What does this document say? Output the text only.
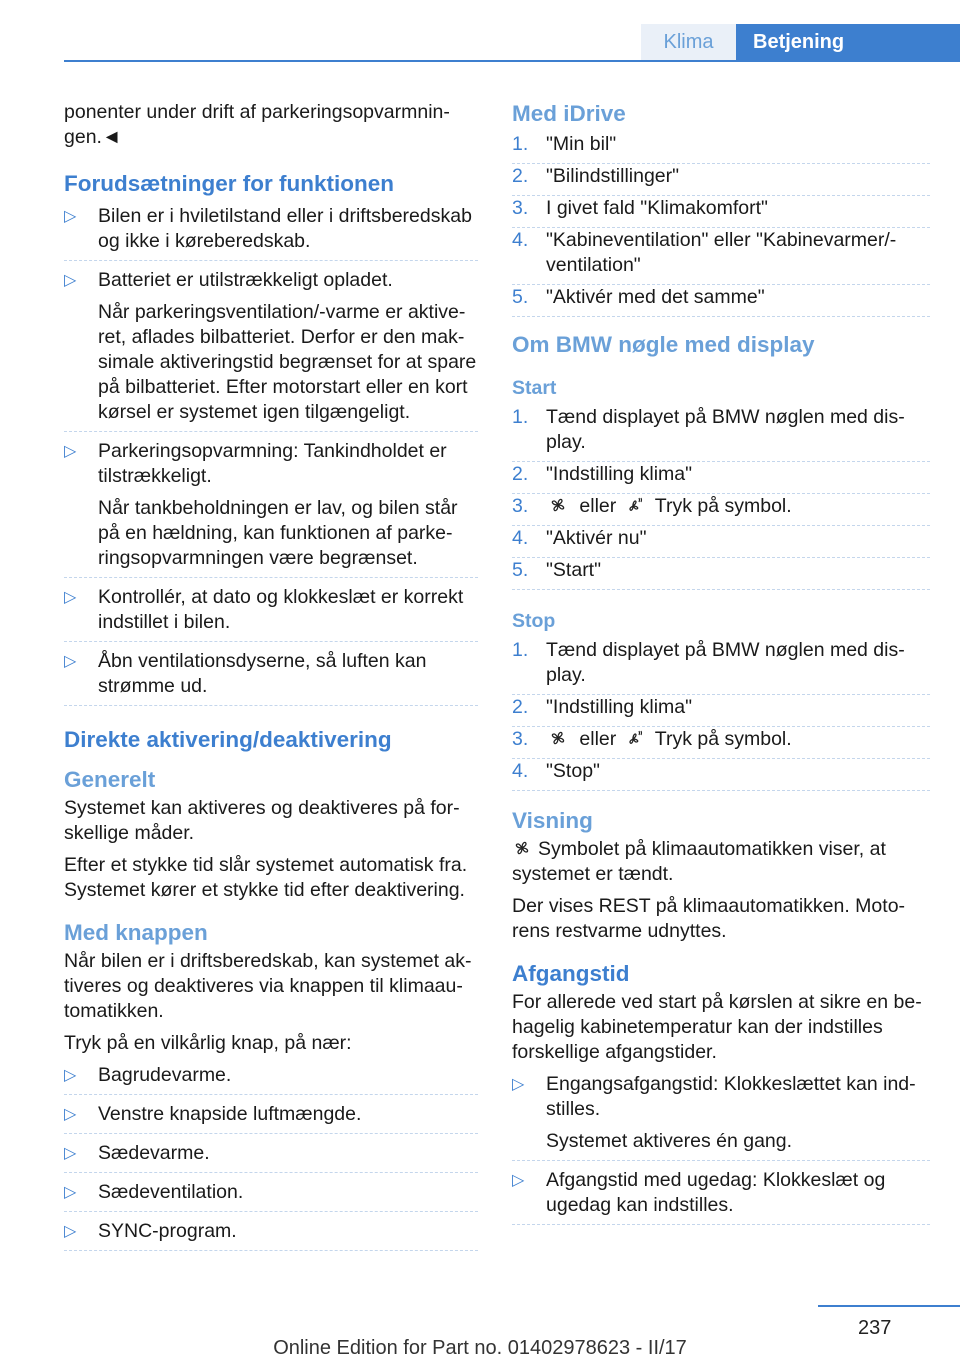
Klima	Betjening

ponenter under drift af parkeringsopvarmningen.◄

Forudsætninger for funktionen
▷	Bilen er i hviletilstand eller i driftsberedskab og ikke i køreberedskab.

▷	Batteriet er utilstrækkeligt opladet.

Når parkeringsventilation/-varme er aktiveret, aflades bilbatteriet. Derfor er den maksimale aktiveringstid begrænset for at spare på bilbatteriet. Efter motorstart eller en kort kørsel er systemet igen tilgængeligt.

▷	Parkeringsopvarmning: Tankindholdet er tilstrækkeligt.

Når tankbeholdningen er lav, og bilen står på en hældning, kan funktionen af parkeringsopvarmningen være begrænset.

▷	Kontrollér, at dato og klokkeslæt er korrekt indstillet i bilen.

▷	Åbn ventilationsdyserne, så luften kan strømme ud.

Direkte aktivering/deaktivering
Generelt

Systemet kan aktiveres og deaktiveres på forskellige måder.

Efter et stykke tid slår systemet automatisk fra. Systemet kører et stykke tid efter deaktivering.

Med knappen

Når bilen er i driftsberedskab, kan systemet aktiveres og deaktiveres via knappen til klimaautomatikken.

Tryk på en vilkårlig knap, på nær:

▷	Bagrudevarme.

▷	Venstre knapside luftmængde.

▷	Sædevarme.

▷	Sædeventilation.

▷	SYNC-program.

Med iDrive
1. "Min bil"
2. "Bilindstillinger"
3. I givet fald "Klimakomfort"
4. "Kabineventilation" eller "Kabinevarmer/-ventilation"
5. "Aktivér med det samme"
Om BMW nøgle med display
Start
1. Tænd displayet på BMW nøglen med display.
2. "Indstilling klima"
3.	eller Tryk på symbol.
4. "Aktivér nu"
5. "Start"
Stop
1. Tænd displayet på BMW nøglen med display.
2. "Indstilling klima"
3.	eller Tryk på symbol.
4. "Stop"
Visning

Symbolet på klimaautomatikken viser, at systemet er tændt.

Der vises REST på klimaautomatikken. Motorens restvarme udnyttes.

Afgangstid

For allerede ved start på kørslen at sikre en behagelig kabinetemperatur kan der indstilles forskellige afgangstider.

▷	Engangsafgangstid: Klokkeslættet kan indstilles.

Systemet aktiveres én gang.

▷	Afgangstid med ugedag: Klokkeslæt og ugedag kan indstilles.

237
Online Edition for Part no. 01402978623 - II/17
